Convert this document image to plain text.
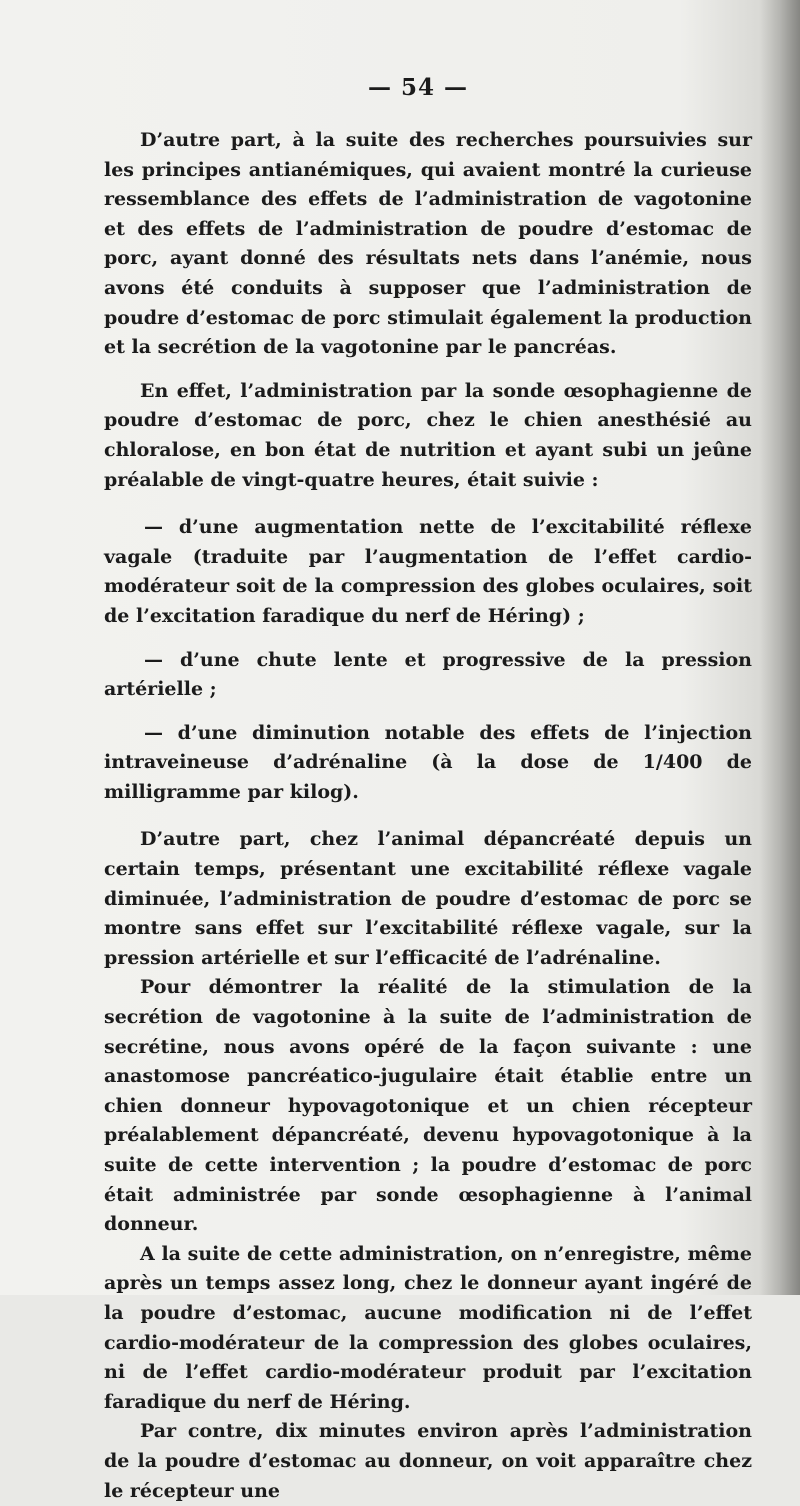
— 54 —

D’autre part, à la suite des recherches poursuivies sur les principes antianémiques, qui avaient montré la curieuse ressemblance des effets de l’administration de vagotonine et des effets de l’administration de poudre d’estomac de porc, ayant donné des résultats nets dans l’anémie, nous avons été conduits à supposer que l’administration de poudre d’estomac de porc stimulait également la production et la secrétion de la vagotonine par le pancréas.

En effet, l’administration par la sonde œsophagienne de poudre d’estomac de porc, chez le chien anesthésié au chloralose, en bon état de nutrition et ayant subi un jeûne préalable de vingt-quatre heures, était suivie :

— d’une augmentation nette de l’excitabilité réflexe vagale (traduite par l’augmentation de l’effet cardio-modérateur soit de la compression des globes oculaires, soit de l’excitation faradique du nerf de Héring) ;

— d’une chute lente et progressive de la pression artérielle ;

— d’une diminution notable des effets de l’injection intraveineuse d’adrénaline (à la dose de 1/400 de milligramme par kilog).

D’autre part, chez l’animal dépancréaté depuis un certain temps, présentant une excitabilité réflexe vagale diminuée, l’administration de poudre d’estomac de porc se montre sans effet sur l’excitabilité réflexe vagale, sur la pression artérielle et sur l’efficacité de l’adrénaline.

Pour démontrer la réalité de la stimulation de la secrétion de vagotonine à la suite de l’administration de secrétine, nous avons opéré de la façon suivante : une anastomose pancréatico-jugulaire était établie entre un chien donneur hypovagotonique et un chien récepteur préalablement dépancréaté, devenu hypovagotonique à la suite de cette intervention ; la poudre d’estomac de porc était administrée par sonde œsophagienne à l’animal donneur.

A la suite de cette administration, on n’enregistre, même après un temps assez long, chez le donneur ayant ingéré de la poudre d’estomac, aucune modification ni de l’effet cardio-modérateur de la compression des globes oculaires, ni de l’effet cardio-modérateur produit par l’excitation faradique du nerf de Héring.

Par contre, dix minutes environ après l’administration de la poudre d’estomac au donneur, on voit apparaître chez le récepteur une
